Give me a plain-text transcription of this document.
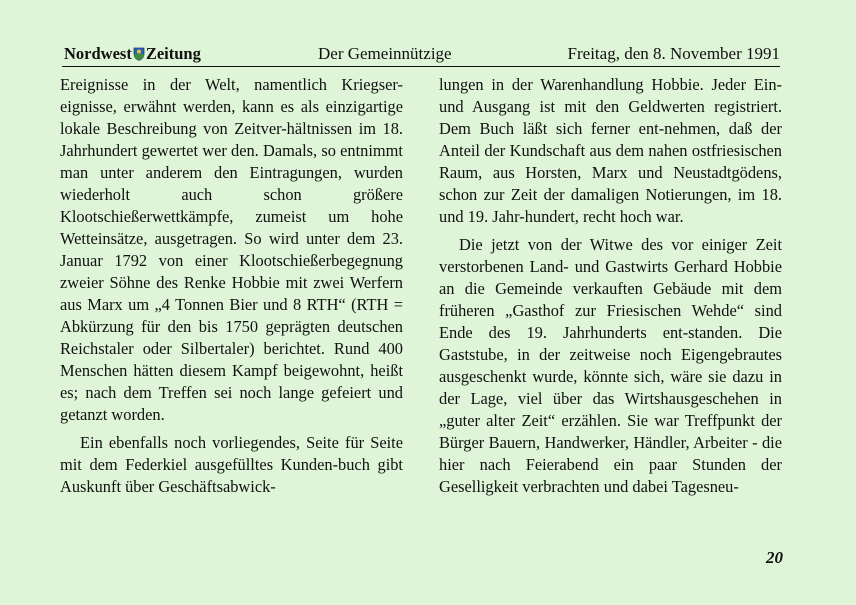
Nordwest Zeitung	Der Gemeinnützige	Freitag, den 8. November 1991

Ereignisse in der Welt, namentlich Kriegser-eignisse, erwähnt werden, kann es als einzigartige lokale Beschreibung von Zeitver-hältnissen im 18. Jahrhundert gewertet wer den. Damals, so entnimmt man unter anderem den Eintragungen, wurden wiederholt auch schon größere Klootschießerwettkämpfe, zumeist um hohe Wetteinsätze, ausgetragen. So wird unter dem 23. Januar 1792 von einer Klootschießerbegegnung zweier Söhne des Renke Hobbie mit zwei Werfern aus Marx um „4 Tonnen Bier und 8 RTH“ (RTH = Abkürzung für den bis 1750 geprägten deutschen Reichstaler oder Silbertaler) berichtet. Rund 400 Menschen hätten diesem Kampf beigewohnt, heißt es; nach dem Treffen sei noch lange gefeiert und getanzt worden.

Ein ebenfalls noch vorliegendes, Seite für Seite mit dem Federkiel ausgefülltes Kunden-buch gibt Auskunft über Geschäftsabwick-

lungen in der Warenhandlung Hobbie. Jeder Ein- und Ausgang ist mit den Geldwerten registriert. Dem Buch läßt sich ferner ent-nehmen, daß der Anteil der Kundschaft aus dem nahen ostfriesischen Raum, aus Horsten, Marx und Neustadtgödens, schon zur Zeit der damaligen Notierungen, im 18. und 19. Jahr-hundert, recht hoch war.

Die jetzt von der Witwe des vor einiger Zeit verstorbenen Land- und Gastwirts Gerhard Hobbie an die Gemeinde verkauften Gebäude mit dem früheren „Gasthof zur Friesischen Wehde“ sind Ende des 19. Jahrhunderts ent-standen. Die Gaststube, in der zeitweise noch Eigengebrautes ausgeschenkt wurde, könnte sich, wäre sie dazu in der Lage, viel über das Wirtshausgeschehen in „guter alter Zeit“ erzählen. Sie war Treffpunkt der Bürger Bauern, Handwerker, Händler, Arbeiter - die hier nach Feierabend ein paar Stunden der Geselligkeit verbrachten und dabei Tagesneu-

20
